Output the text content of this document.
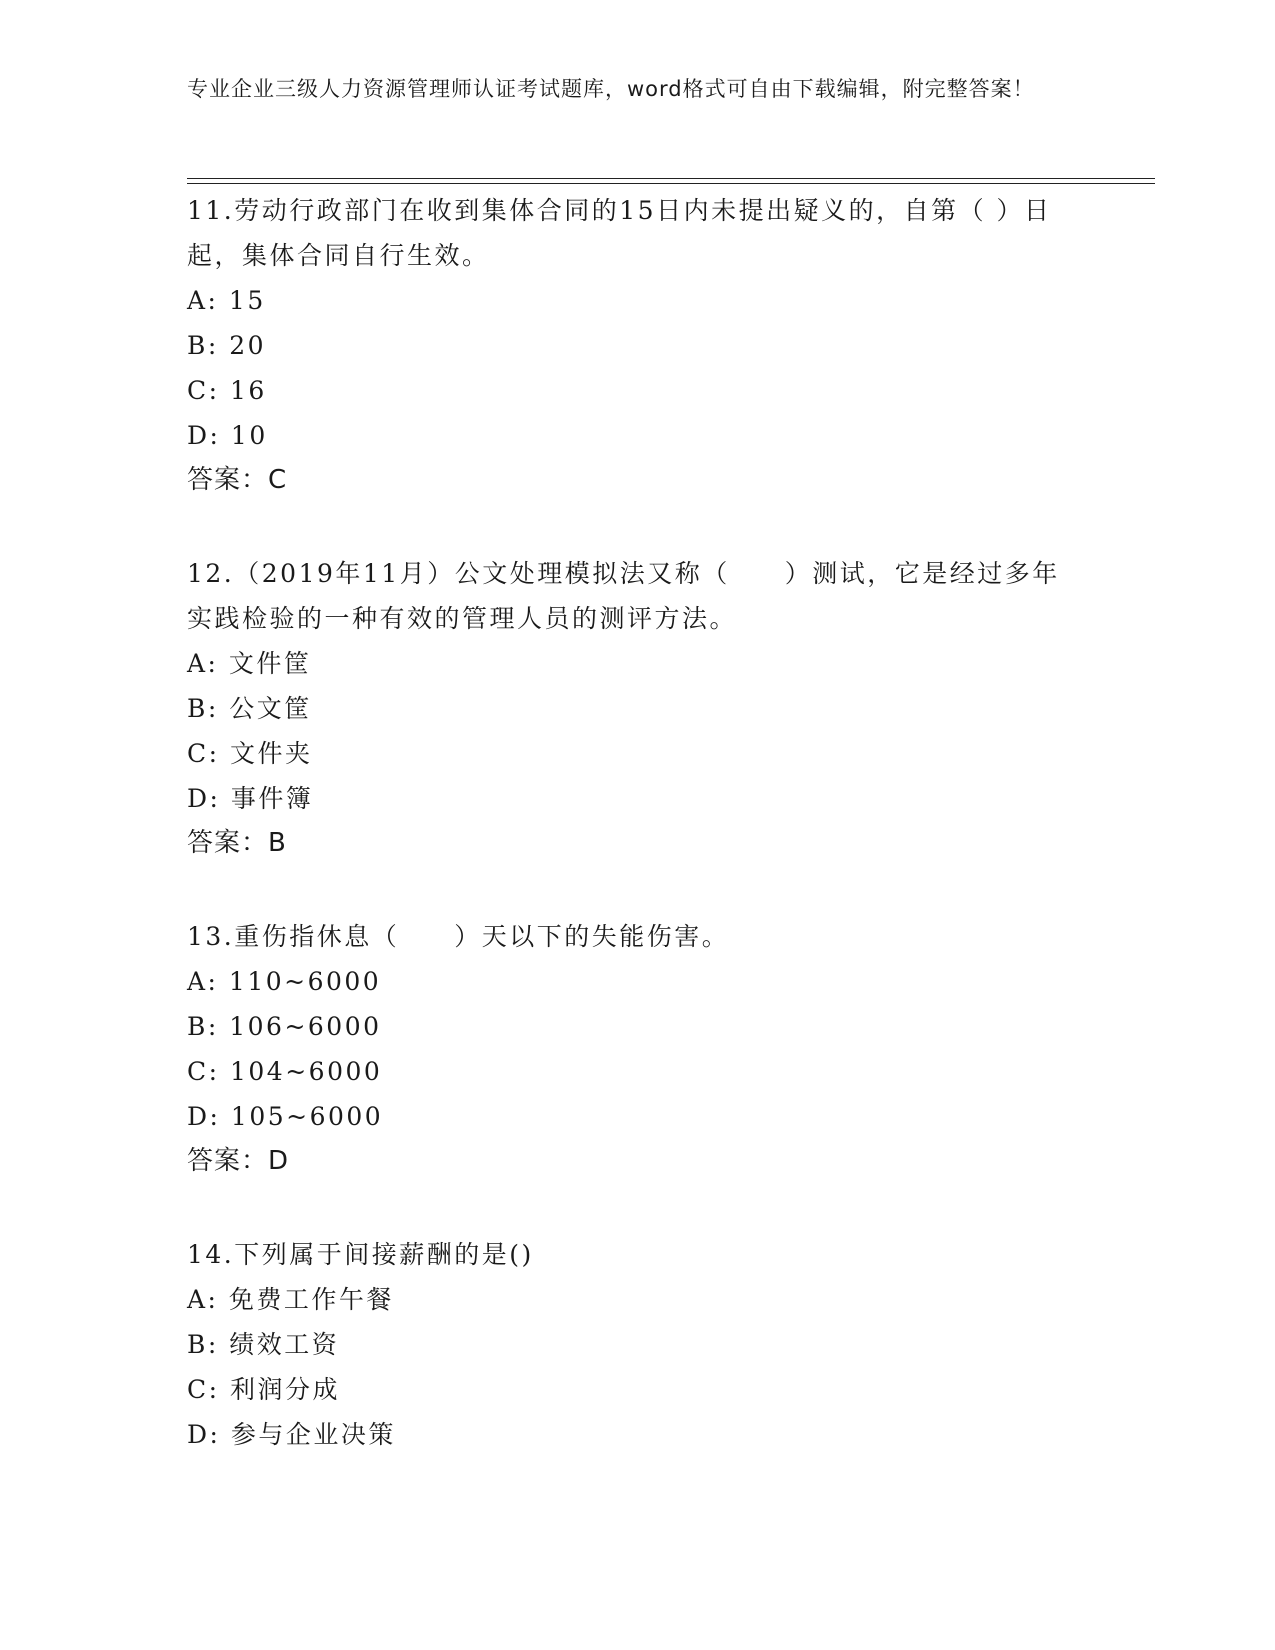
专业企业三级人力资源管理师认证考试题库，word格式可自由下载编辑，附完整答案！

11.劳动行政部门在收到集体合同的15日内未提出疑义的，自第（ ）日起，集体合同自行生效。

A: 15

B: 20

C: 16

D: 10

答案：C

12.（2019年11月）公文处理模拟法又称（　　）测试，它是经过多年实践检验的一种有效的管理人员的测评方法。

A: 文件筐

B: 公文筐

C: 文件夹

D: 事件簿

答案：B

13.重伤指休息（　　）天以下的失能伤害。

A: 110~6000

B: 106~6000

C: 104~6000

D: 105~6000

答案：D

14.下列属于间接薪酬的是()

A: 免费工作午餐

B: 绩效工资

C: 利润分成

D: 参与企业决策
